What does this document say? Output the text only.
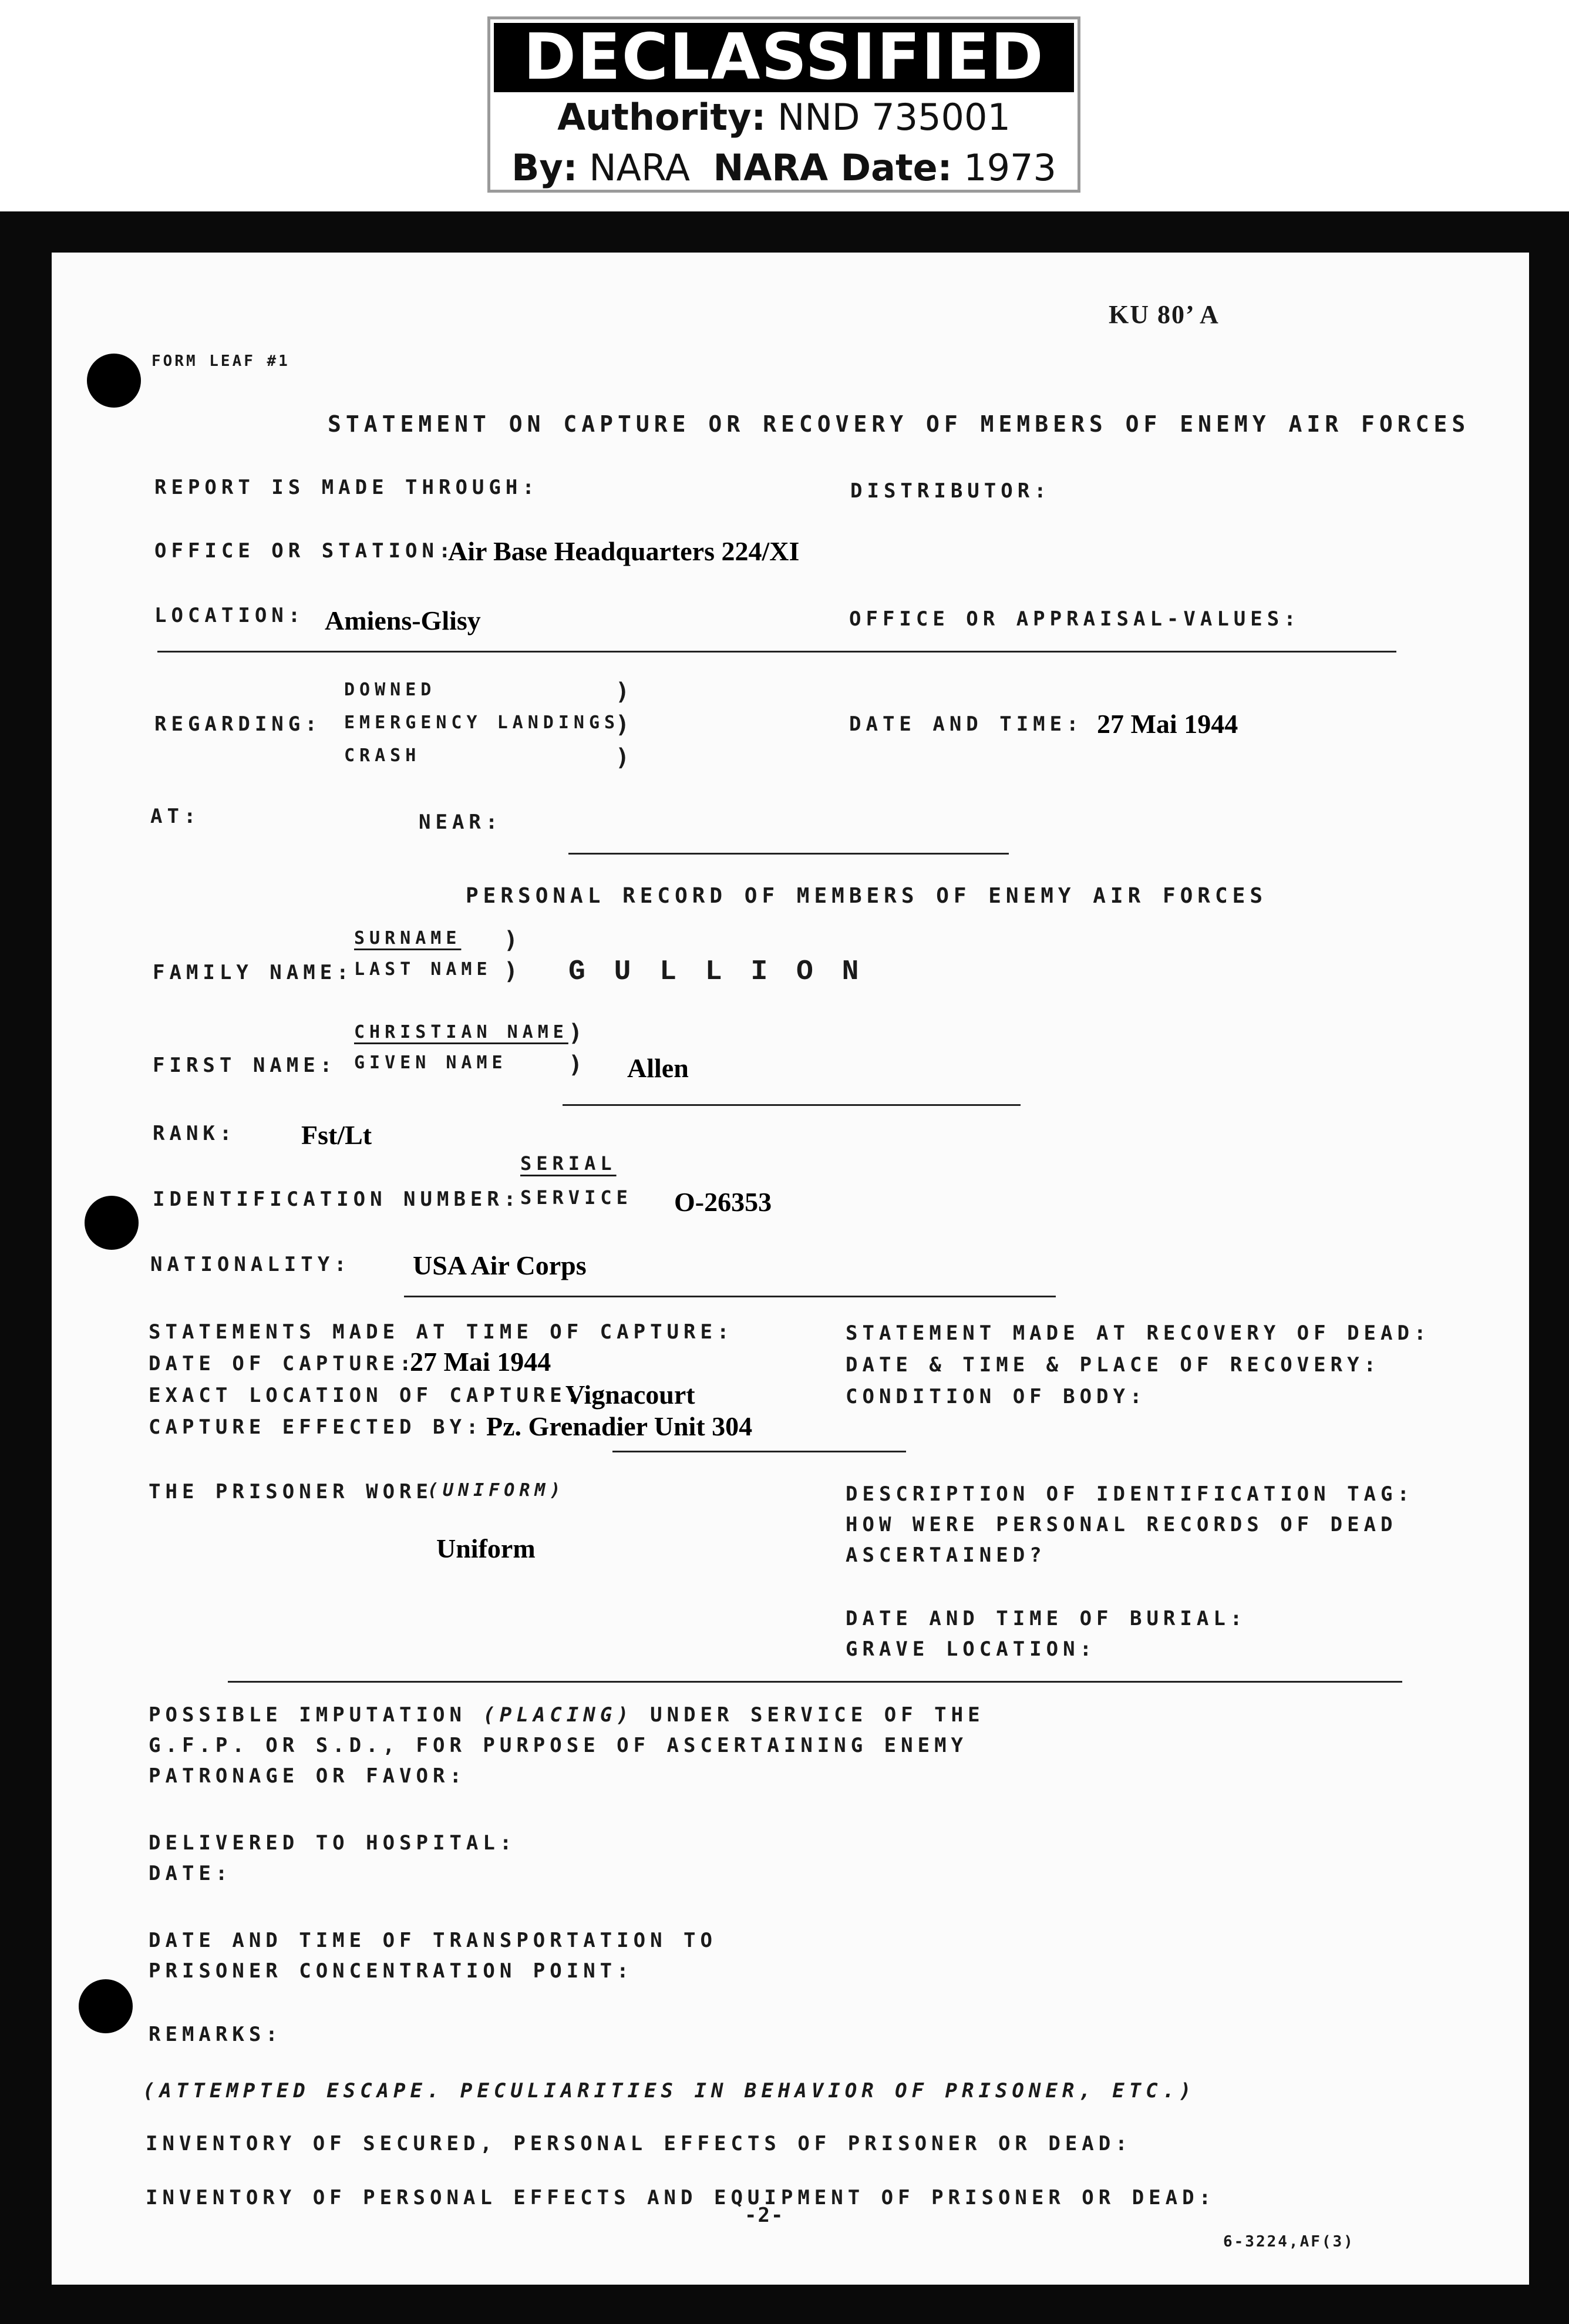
DECLASSIFIED
Authority: NND 735001
By: NARA NARA Date: 1973
KU 80’ A
FORM LEAF #1
STATEMENT ON CAPTURE OR RECOVERY OF MEMBERS OF ENEMY AIR FORCES
REPORT IS MADE THROUGH:	DISTRIBUTOR:
OFFICE OR STATION:
Air Base Headquarters 224/XI
LOCATION: Amiens-Glisy	OFFICE OR APPRAISAL-VALUES:
DOWNED
EMERGENCY LANDINGS
CRASH
)
)
)
REGARDING:	DATE AND TIME: 27 Mai 1944
AT:	NEAR:
PERSONAL RECORD OF MEMBERS OF ENEMY AIR FORCES
SURNAME )
FAMILY NAME: LAST NAME ) G U L L I O N
CHRISTIAN NAME )
FIRST NAME: GIVEN NAME	) Allen
RANK: Fst/Lt
SERIAL
IDENTIFICATION NUMBER: SERVICE O-26353
NATIONALITY: USA Air Corps
STATEMENTS MADE AT TIME OF CAPTURE:
DATE OF CAPTURE:
27 Mai 1944
EXACT LOCATION OF CAPTURE:
Vignacourt
CAPTURE EFFECTED BY: Pz. Grenadier Unit 304
STATEMENT MADE AT RECOVERY OF DEAD:
DATE & TIME & PLACE OF RECOVERY:
CONDITION OF BODY:
THE PRISONER WORE
(UNIFORM)
Uniform
DESCRIPTION OF IDENTIFICATION TAG:
HOW WERE PERSONAL RECORDS OF DEAD
ASCERTAINED?
DATE AND TIME OF BURIAL:
GRAVE LOCATION:
POSSIBLE IMPUTATION (PLACING) UNDER SERVICE OF THE
G.F.P. OR S.D., FOR PURPOSE OF ASCERTAINING ENEMY
PATRONAGE OR FAVOR:
DELIVERED TO HOSPITAL:
DATE:
DATE AND TIME OF TRANSPORTATION TO
PRISONER CONCENTRATION POINT:
REMARKS:
(ATTEMPTED ESCAPE. PECULIARITIES IN BEHAVIOR OF PRISONER, ETC.)
INVENTORY OF SECURED, PERSONAL EFFECTS OF PRISONER OR DEAD:
INVENTORY OF PERSONAL EFFECTS AND EQUIPMENT OF PRISONER OR DEAD:
-2-
6-3224,AF(3)
